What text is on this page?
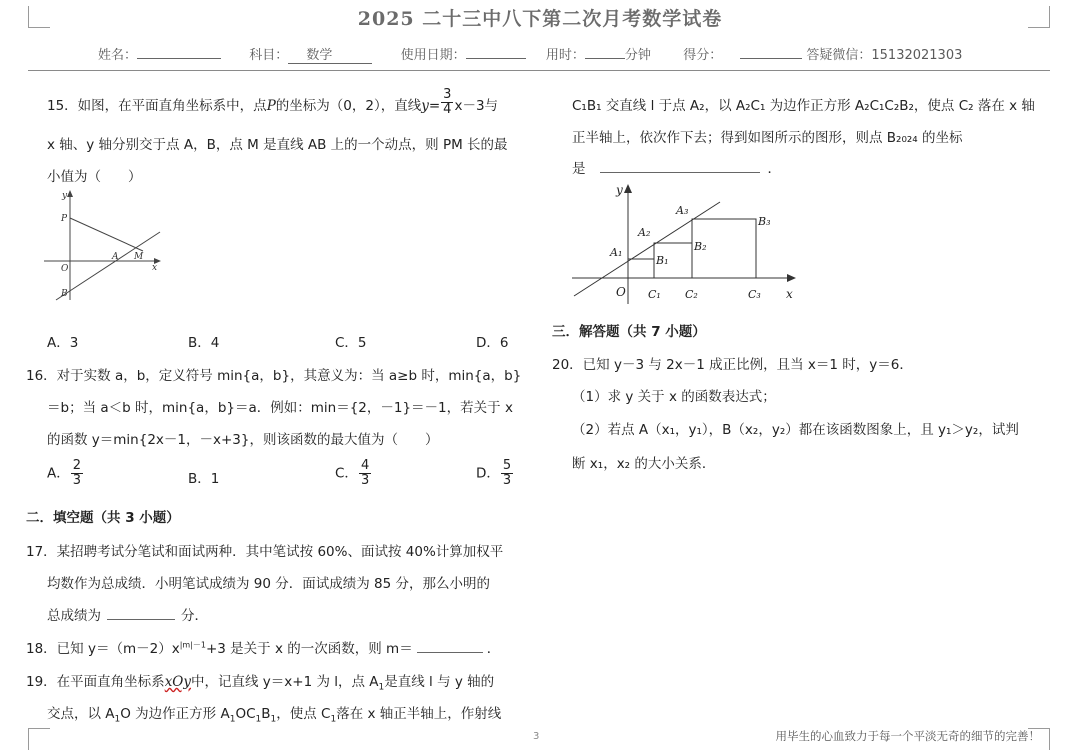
2025 二十三中八下第二次月考数学试卷
姓名：	科目： 数学	使用日期：	用时：	分钟 得分：	答疑微信：15132021303
15．如图，在平面直角坐标系中，点P的坐标为（0，2），直线$y= \frac{3}{4} x-3$与
x 轴、y 轴分别交于点 A，B，点 M 是直线 AB 上的一个动点，则 PM 长的最
小值为（　　）
y
P
O
A M
x
B
A．3	B．4	C．5	D．6
16．对于实数 a，b，定义符号 min{a，b}，其意义为：当 a≥b 时，min{a，b}
＝b；当 a＜b 时，min{a，b}＝a．例如：min＝{2，－1}＝－1，若关于 x
的函数 y＝min{2x－1，－x+3}，则该函数的最大值为（　　）
A． $\frac{2}{3}$	B．1	C． $\frac{4}{3}$	D． $\frac{5}{3}$
二．填空题（共 3 小题）
17．某招聘考试分笔试和面试两种．其中笔试按 60%、面试按 40%计算加权平
均数作为总成绩．小明笔试成绩为 90 分．面试成绩为 85 分，那么小明的
总成绩为	分．
18．已知 $y=(m-2)x^{|m|-1}+3$ 是关于 x 的一次函数，则 m＝	．
19．在平面直角坐标系xOy中，记直线 y＝x+1 为 l，点 $A_1$是直线 l 与 y 轴的
交点，以 $A_1O$ 为边作正方形 $A_1OC_1B_1$，使点 $C_1$落在 x 轴正半轴上，作射线
C₁B₁ 交直线 l 于点 A₂，以 A₂C₁ 为边作正方形 A₂C₁C₂B₂，使点 C₂ 落在 x 轴
正半轴上，依次作下去；得到如图所示的图形，则点 B₂₀₂₄ 的坐标
是	．
y
O	x
A₁
A₂
A₃
B₁
B₂
B₃
C₁ C₂	C₃
三．解答题（共 7 小题）
20．已知 y－3 与 2x－1 成正比例，且当 x＝1 时，y＝6．
（1）求 y 关于 x 的函数表达式；
（2）若点 A（x₁，y₁），B（x₂，y₂）都在该函数图象上，且 y₁＞y₂，试判
断 x₁，x₂ 的大小关系．
3	用毕生的心血致力于每一个平淡无奇的细节的完善！
